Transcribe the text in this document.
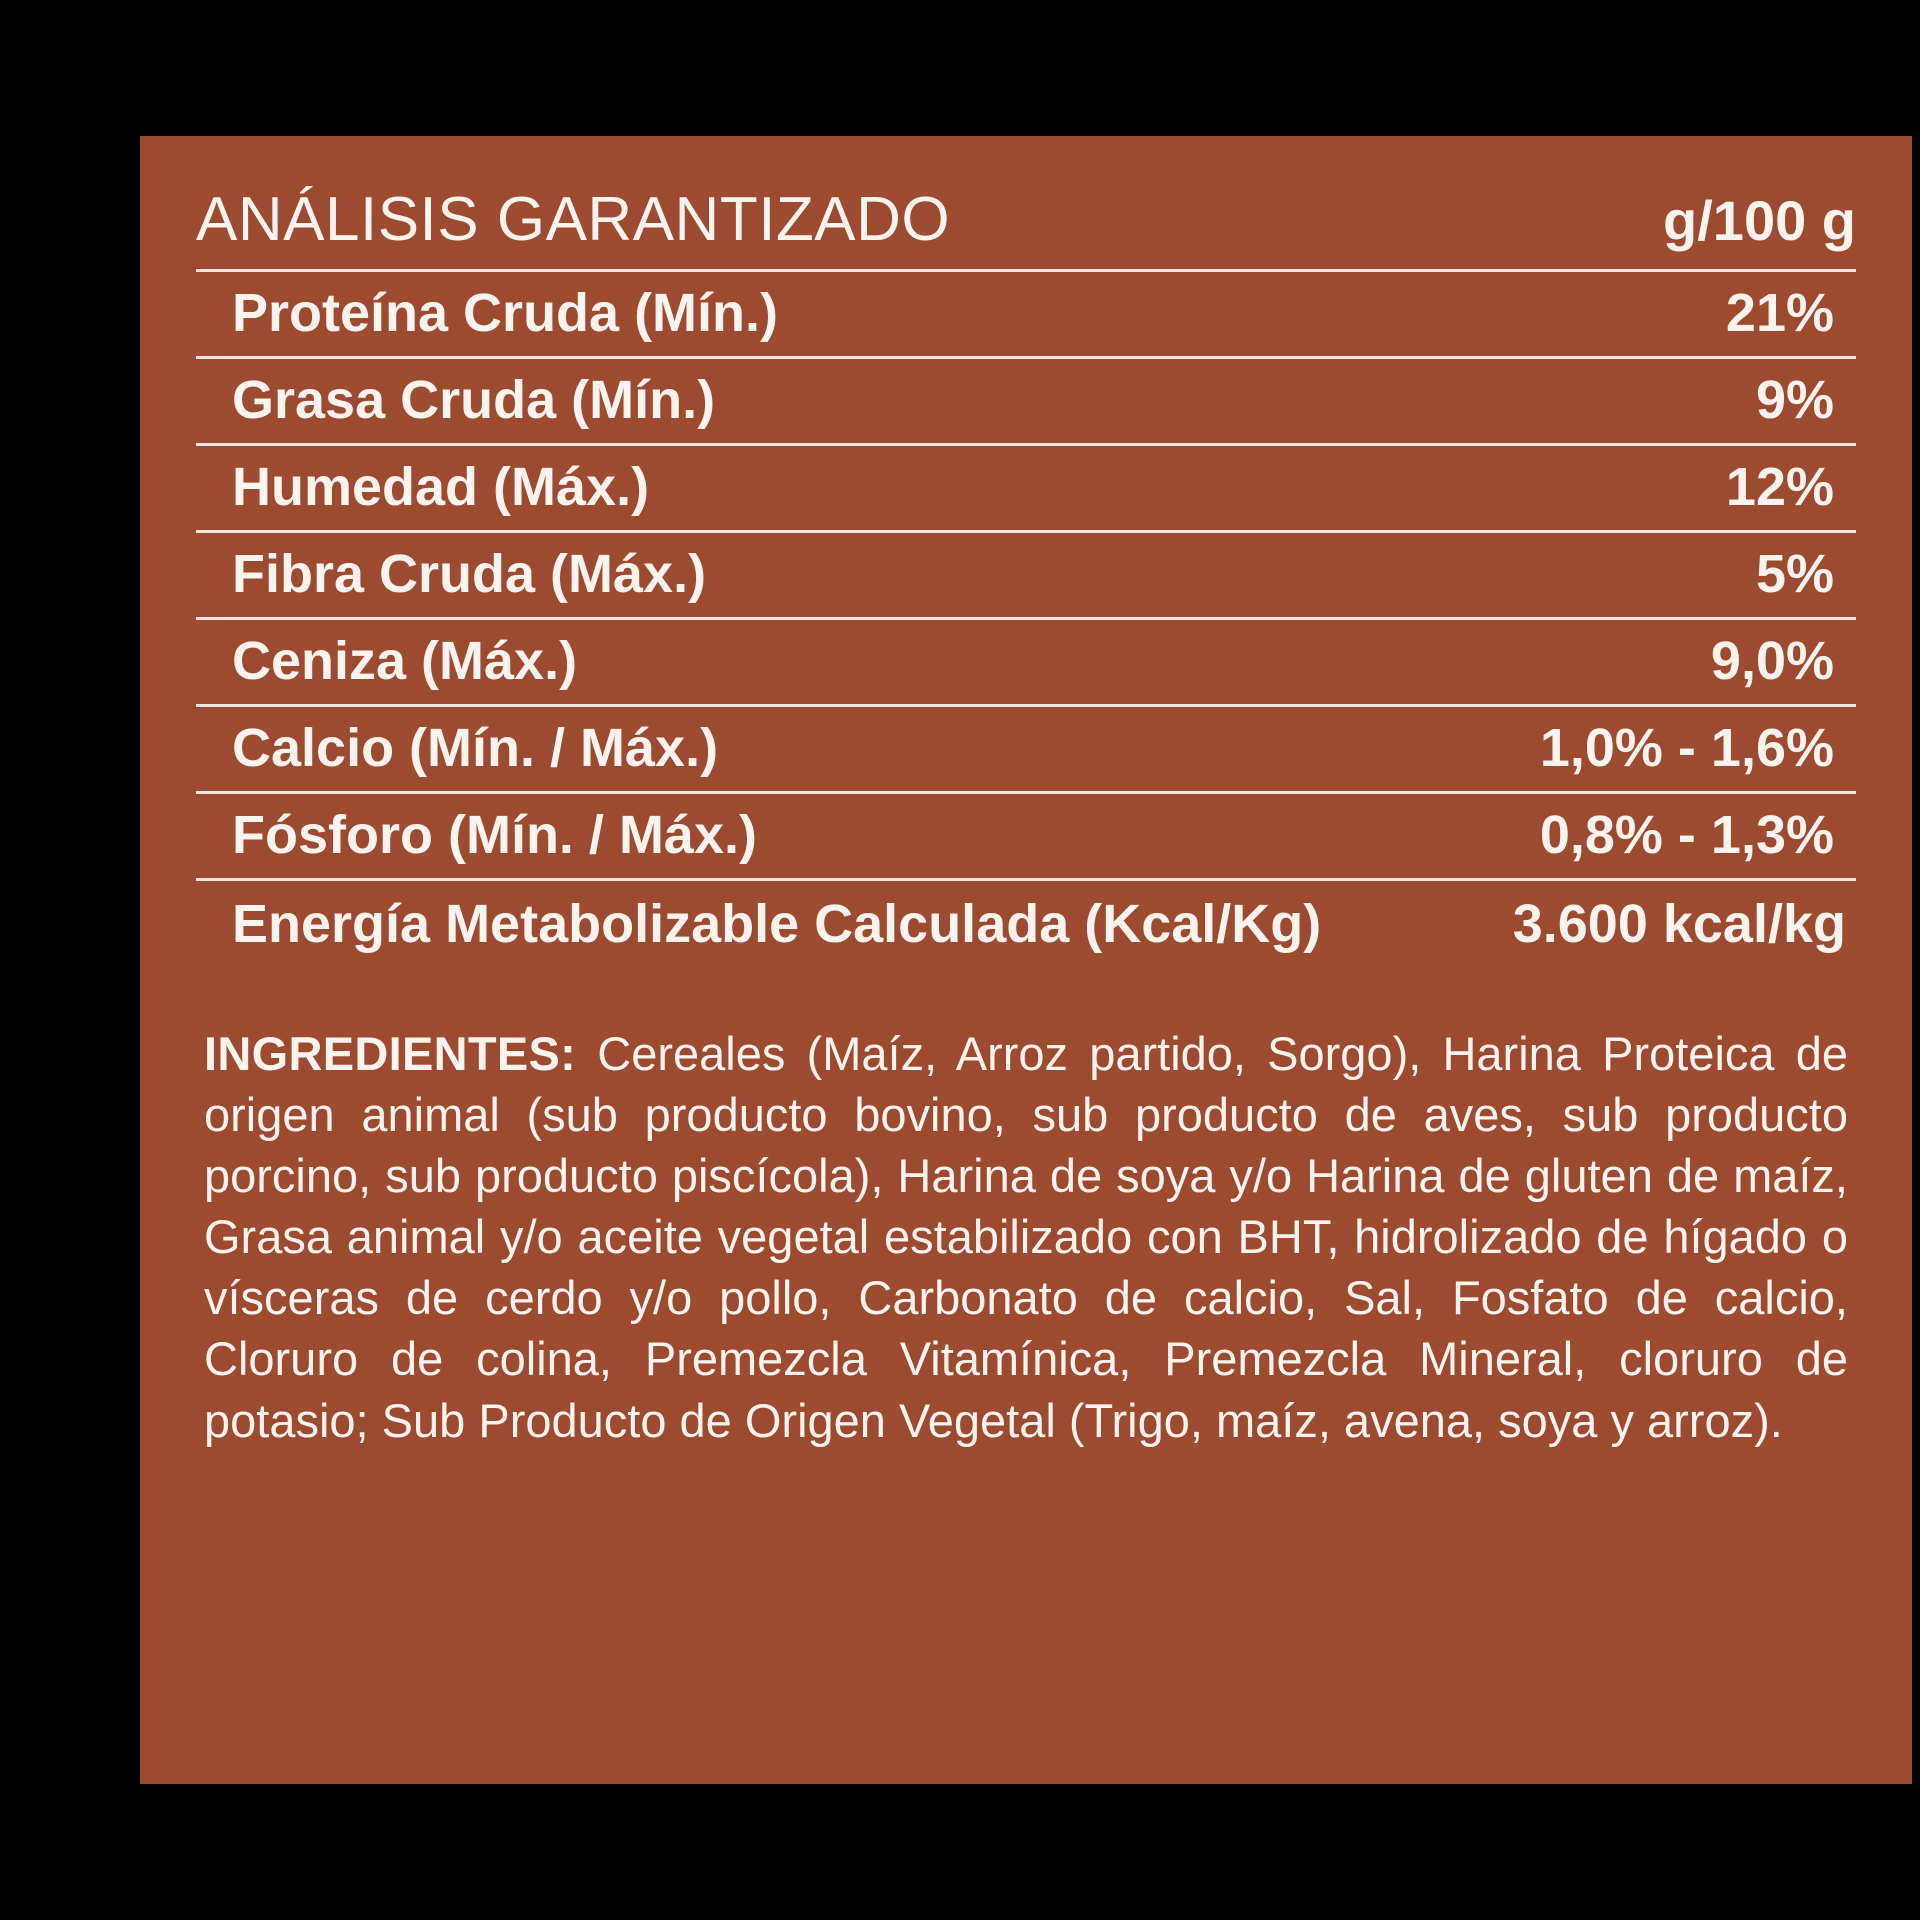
ANÁLISIS GARANTIZADO	g/100 g
Proteína Cruda (Mín.)	21%
Grasa Cruda (Mín.)	9%
Humedad (Máx.)	12%
Fibra Cruda (Máx.)	5%
Ceniza (Máx.)	9,0%
Calcio (Mín. / Máx.)	1,0% - 1,6%
Fósforo (Mín. / Máx.)	0,8% - 1,3%
Energía Metabolizable Calculada (Kcal/Kg)	3.600 kcal/kg

INGREDIENTES: Cereales (Maíz, Arroz partido, Sorgo), Harina Proteica de origen animal (sub producto bovino, sub producto de aves, sub producto porcino, sub producto piscícola), Harina de soya y/o Harina de gluten de maíz, Grasa animal y/o aceite vegetal estabilizado con BHT, hidrolizado de hígado o vísceras de cerdo y/o pollo, Carbonato de calcio, Sal, Fosfato de calcio, Cloruro de colina, Premezcla Vitamínica, Premezcla Mineral, cloruro de potasio; Sub Producto de Origen Vegetal (Trigo, maíz, avena, soya y arroz).
